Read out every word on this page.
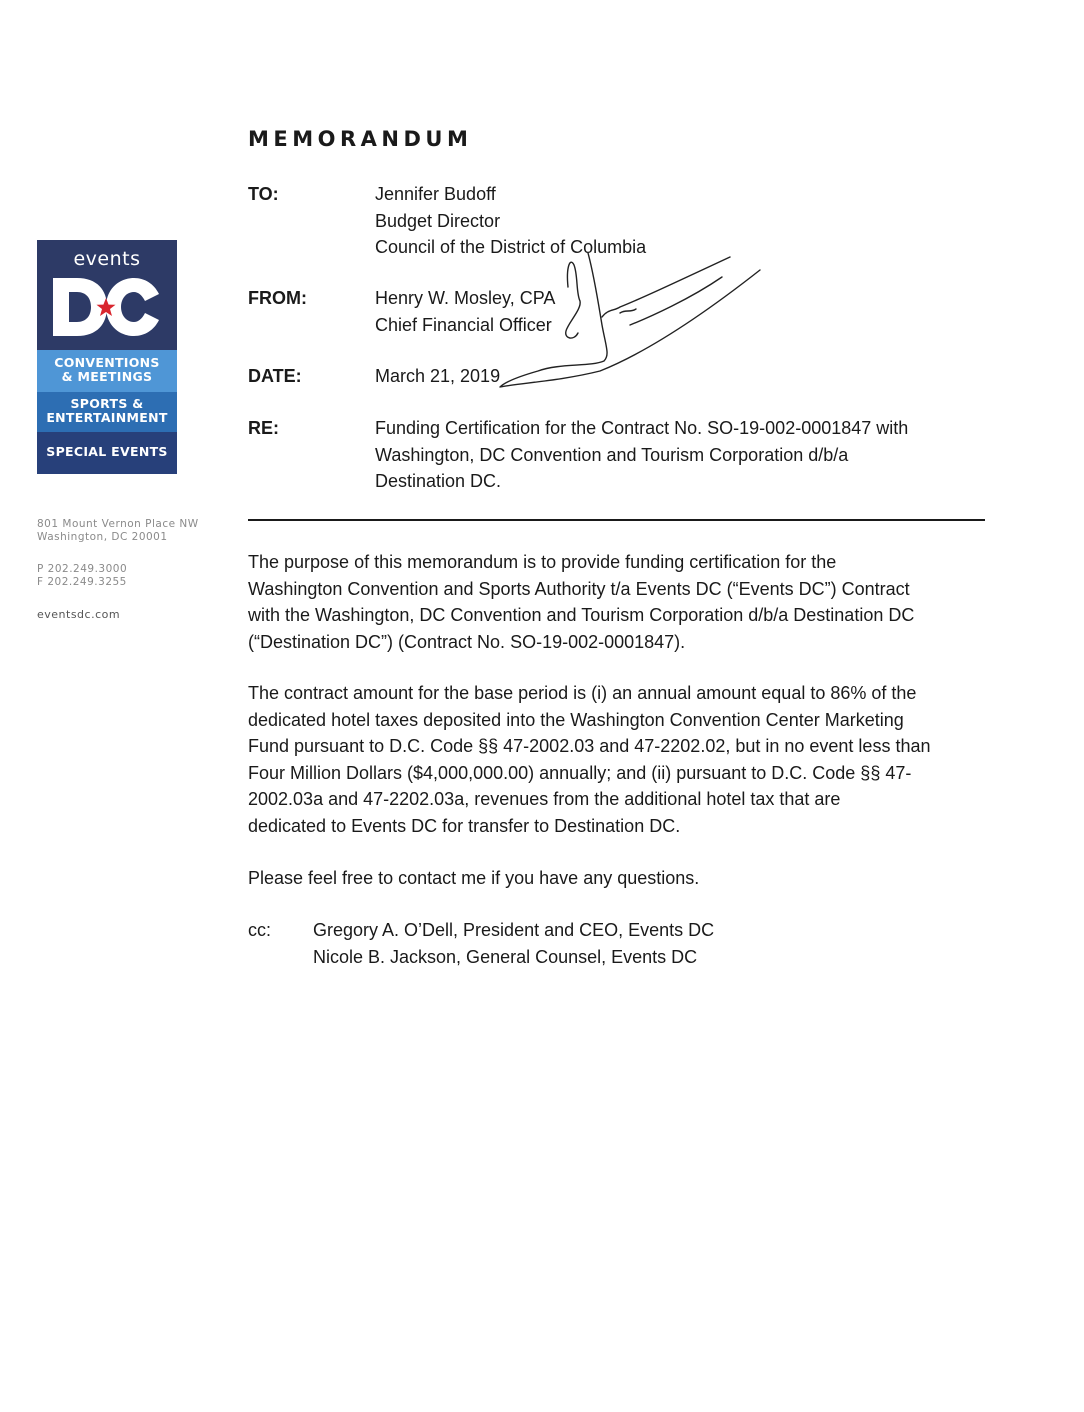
events
CONVENTIONS
& MEETINGS
SPORTS &
ENTERTAINMENT
SPECIAL EVENTS
801 Mount Vernon Place NW
Washington, DC 20001
P 202.249.3000
F 202.249.3255
eventsdc.com
MEMORANDUM
TO:	Jennifer Budoff
Budget Director
Council of the District of Columbia
FROM:	Henry W. Mosley, CPA
Chief Financial Officer
DATE:	March 21, 2019
RE:	Funding Certification for the Contract No. SO-19-002-0001847 with
Washington, DC Convention and Tourism Corporation d/b/a
Destination DC.
The purpose of this memorandum is to provide funding certification for the
Washington Convention and Sports Authority t/a Events DC (“Events DC”) Contract
with the Washington, DC Convention and Tourism Corporation d/b/a Destination DC
(“Destination DC”) (Contract No. SO-19-002-0001847).
The contract amount for the base period is (i) an annual amount equal to 86% of the
dedicated hotel taxes deposited into the Washington Convention Center Marketing
Fund pursuant to D.C. Code §§ 47-2002.03 and 47-2202.02, but in no event less than
Four Million Dollars ($4,000,000.00) annually; and (ii) pursuant to D.C. Code §§ 47-
2002.03a and 47-2202.03a, revenues from the additional hotel tax that are
dedicated to Events DC for transfer to Destination DC.
Please feel free to contact me if you have any questions.
cc: Gregory A. O’Dell, President and CEO, Events DC
Nicole B. Jackson, General Counsel, Events DC
